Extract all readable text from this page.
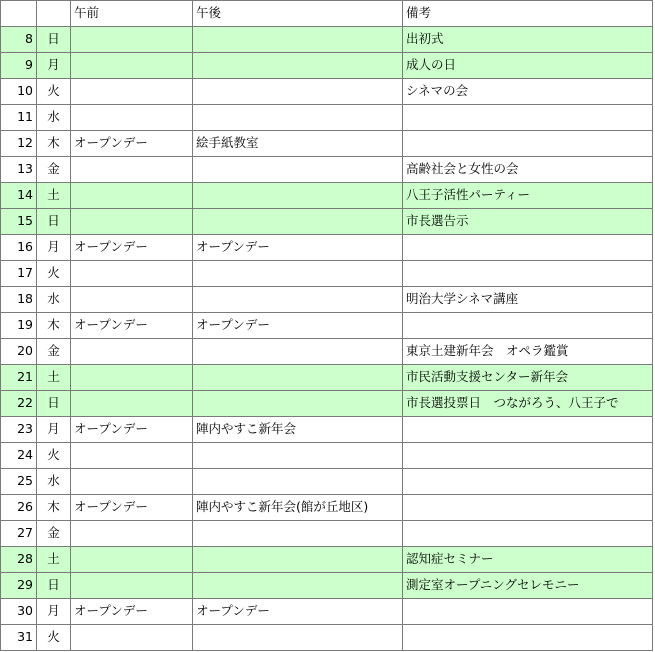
		午前	午後	備考
8	日			出初式
9	月			成人の日
10	火			シネマの会
11	水			
12	木	オープンデー	絵手紙教室	
13	金			高齢社会と女性の会
14	土			八王子活性パーティー
15	日			市長選告示
16	月	オープンデー	オープンデー	
17	火			
18	水			明治大学シネマ講座
19	木	オープンデー	オープンデー	
20	金			東京土建新年会　オペラ鑑賞
21	土			市民活動支援センター新年会
22	日			市長選投票日　つながろう、八王子で
23	月	オープンデー	陣内やすこ新年会	
24	火			
25	水			
26	木	オープンデー	陣内やすこ新年会(館が丘地区)	
27	金			
28	土			認知症セミナー
29	日			測定室オープニングセレモニー
30	月	オープンデー	オープンデー	
31	火			
